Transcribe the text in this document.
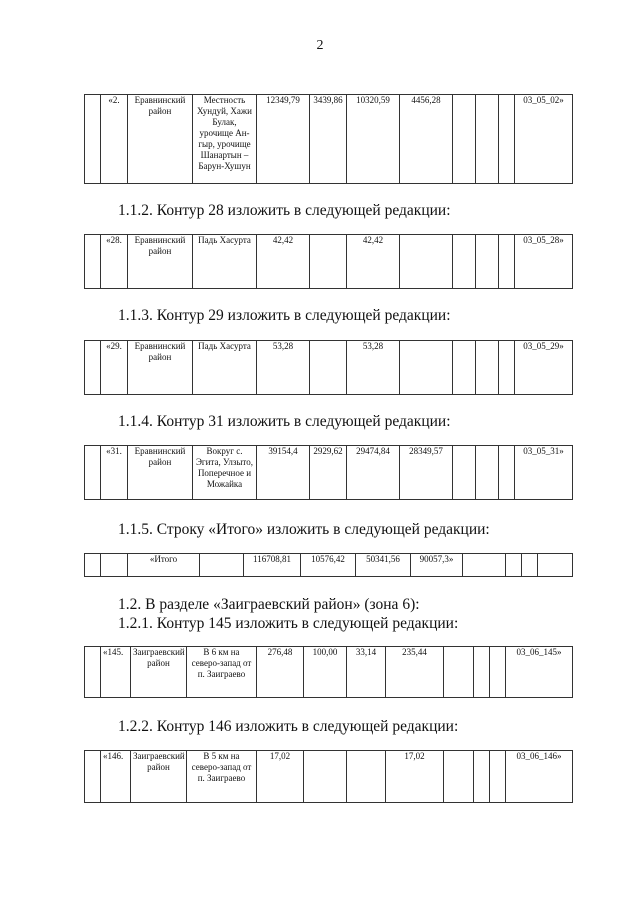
2
	«2.	Еравнинский район	Местность Хундуй, Хажи Булак, урочище Ан-гыр, урочище Шанартын – Барун-Хушун	12349,79	3439,86	10320,59	4456,28				03_05_02»
1.1.2. Контур 28 изложить в следующей редакции:
	«28.	Еравнинский район	Падь Хасурта	42,42		42,42					03_05_28»
1.1.3. Контур 29 изложить в следующей редакции:
	«29.	Еравнинский район	Падь Хасурта	53,28		53,28					03_05_29»
1.1.4. Контур 31 изложить в следующей редакции:
	«31.	Еравнинский район	Вокруг с. Эгита, Улзыто, Поперечное и Можайка	39154,4	2929,62	29474,84	28349,57				03_05_31»
1.1.5. Строку «Итого» изложить в следующей редакции:
		«Итого		116708,81	10576,42	50341,56	90057,3»				
1.2. В разделе «Заиграевский район» (зона 6):
1.2.1. Контур 145 изложить в следующей редакции:
	«145.	Заиграевский район	В 6 км на северо-запад от п. Заиграево	276,48	100,00	33,14	235,44				03_06_145»
1.2.2. Контур 146 изложить в следующей редакции:
	«146.	Заиграевский район	В 5 км на северо-запад от п. Заиграево	17,02			17,02				03_06_146»
